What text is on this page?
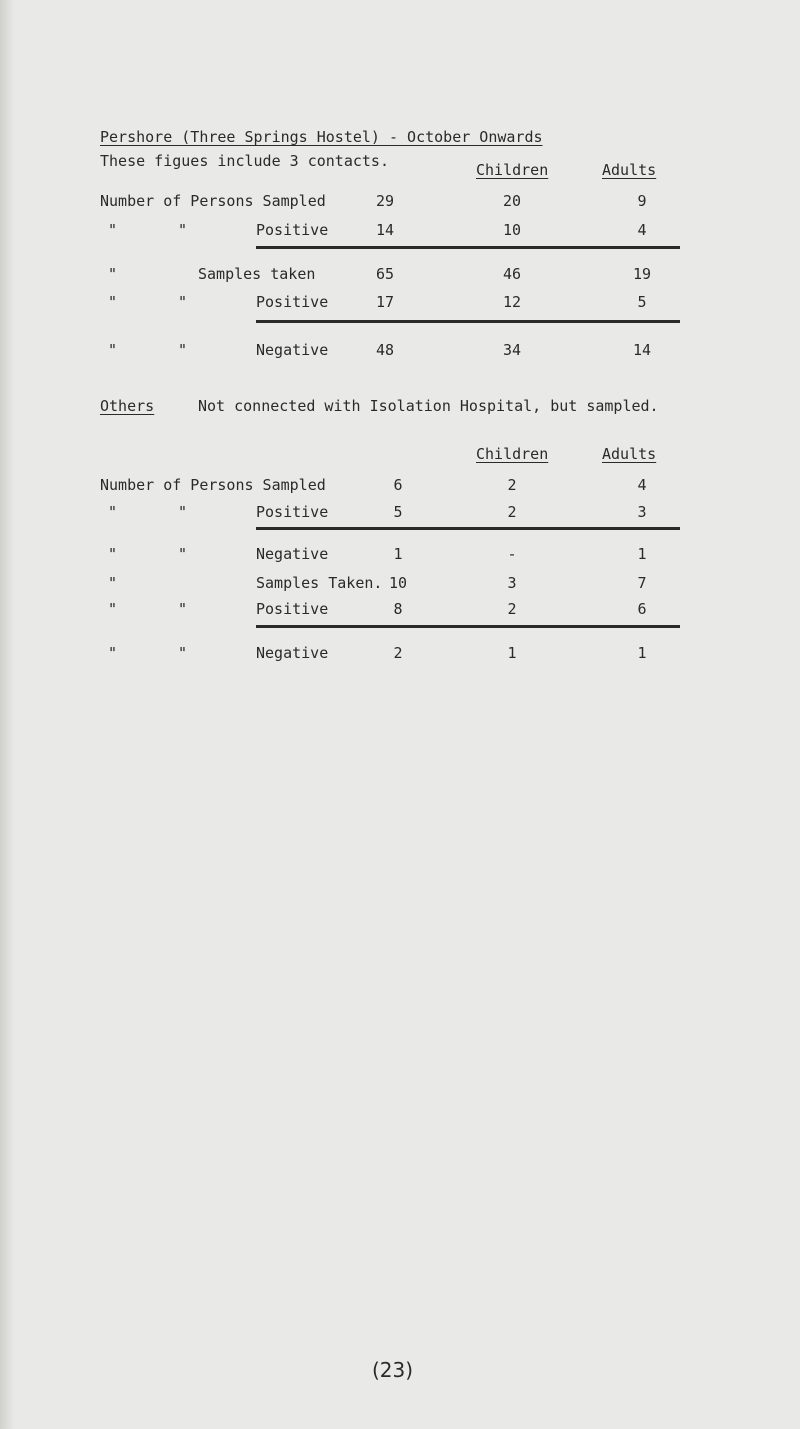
Pershore (Three Springs Hostel) - October Onwards
These figues include 3 contacts.	Children	Adults
Number of Persons Sampled	29	20	9
"	"	Positive	14	10	4
"	Samples taken	65	46	19
"	"	Positive	17	12	5
"	"	Negative	48	34	14
Others	Not connected with Isolation Hospital, but sampled.
Children	Adults
Number of Persons Sampled	6	2	4
"	"	Positive	5	2	3
"	"	Negative	1	-	1
"	Samples Taken. 10	3	7
"	"	Positive	8	2	6
"	"	Negative	2	1	1
(23)
